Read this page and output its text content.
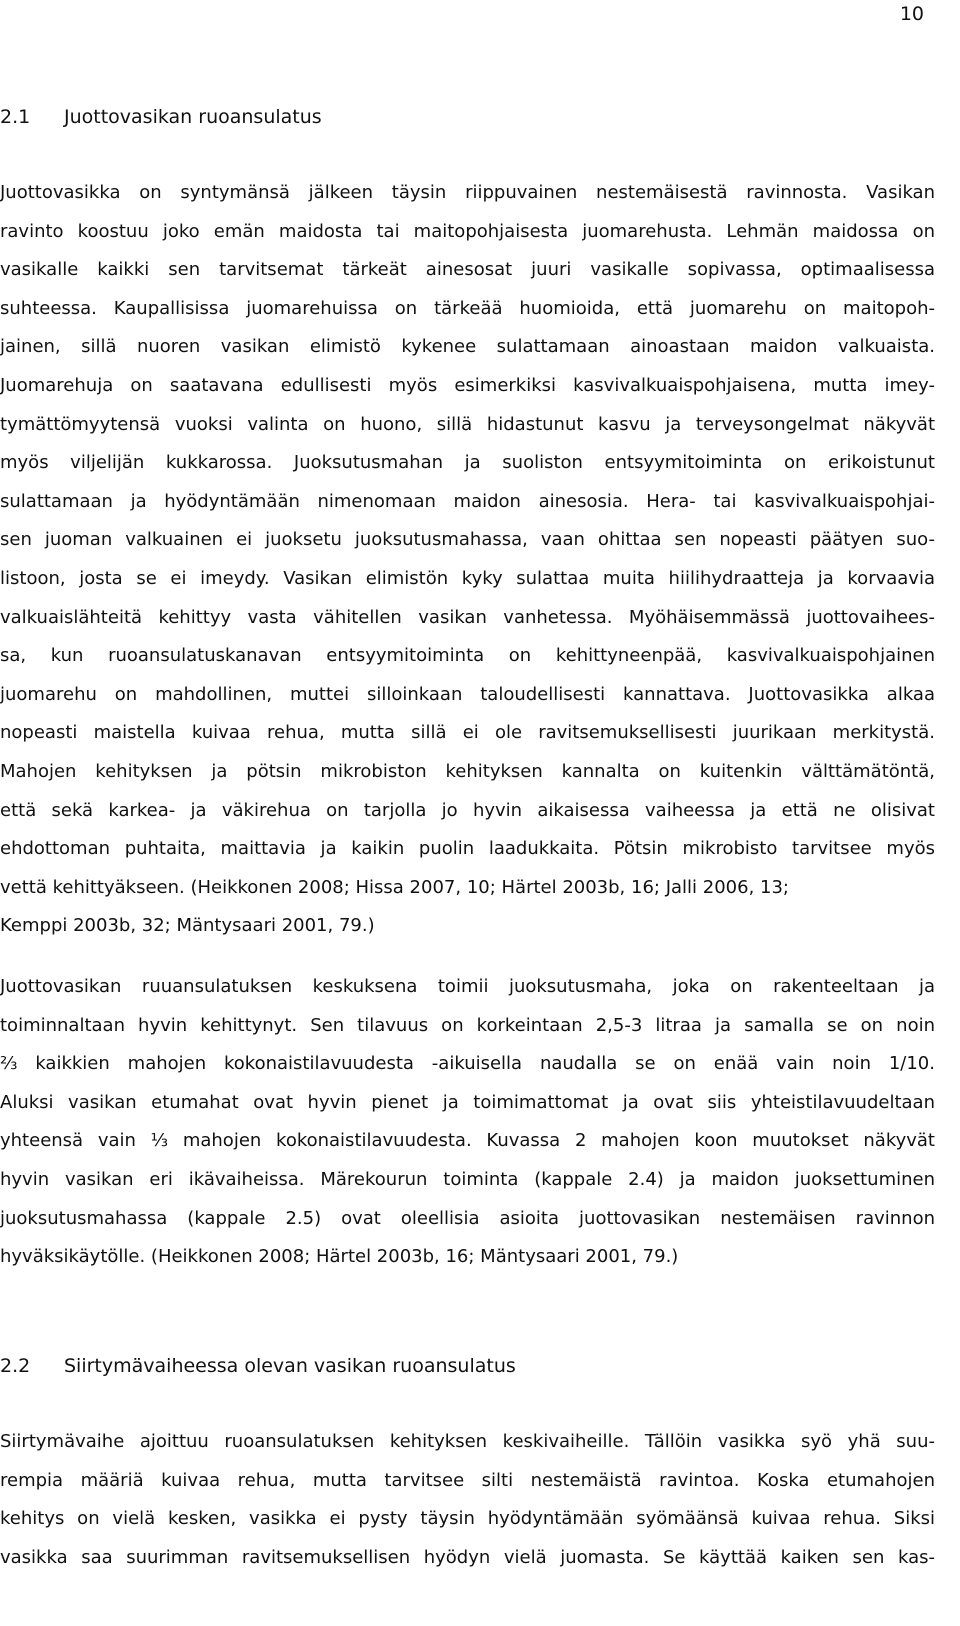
10
2.1 Juottovasikan ruoansulatus
Juottovasikka on syntymänsä jälkeen täysin riippuvainen nestemäisestä ravinnosta. Vasikan
ravinto koostuu joko emän maidosta tai maitopohjaisesta juomarehusta. Lehmän maidossa on
vasikalle kaikki sen tarvitsemat tärkeät ainesosat juuri vasikalle sopivassa, optimaalisessa
suhteessa. Kaupallisissa juomarehuissa on tärkeää huomioida, että juomarehu on maitopoh-
jainen, sillä nuoren vasikan elimistö kykenee sulattamaan ainoastaan maidon valkuaista.
Juomarehuja on saatavana edullisesti myös esimerkiksi kasvivalkuaispohjaisena, mutta imey-
tymättömyytensä vuoksi valinta on huono, sillä hidastunut kasvu ja terveysongelmat näkyvät
myös viljelijän kukkarossa. Juoksutusmahan ja suoliston entsyymitoiminta on erikoistunut
sulattamaan ja hyödyntämään nimenomaan maidon ainesosia. Hera- tai kasvivalkuaispohjai-
sen juoman valkuainen ei juoksetu juoksutusmahassa, vaan ohittaa sen nopeasti päätyen suo-
listoon, josta se ei imeydy. Vasikan elimistön kyky sulattaa muita hiilihydraatteja ja korvaavia
valkuaislähteitä kehittyy vasta vähitellen vasikan vanhetessa. Myöhäisemmässä juottovaihees-
sa, kun ruoansulatuskanavan entsyymitoiminta on kehittyneenpää, kasvivalkuaispohjainen
juomarehu on mahdollinen, muttei silloinkaan taloudellisesti kannattava. Juottovasikka alkaa
nopeasti maistella kuivaa rehua, mutta sillä ei ole ravitsemuksellisesti juurikaan merkitystä.
Mahojen kehityksen ja pötsin mikrobiston kehityksen kannalta on kuitenkin välttämätöntä,
että sekä karkea- ja väkirehua on tarjolla jo hyvin aikaisessa vaiheessa ja että ne olisivat
ehdottoman puhtaita, maittavia ja kaikin puolin laadukkaita. Pötsin mikrobisto tarvitsee myös
vettä kehittyäkseen. (Heikkonen 2008; Hissa 2007, 10; Härtel 2003b, 16; Jalli 2006, 13;
Kemppi 2003b, 32; Mäntysaari 2001, 79.)
Juottovasikan ruuansulatuksen keskuksena toimii juoksutusmaha, joka on rakenteeltaan ja
toiminnaltaan hyvin kehittynyt. Sen tilavuus on korkeintaan 2,5-3 litraa ja samalla se on noin
⅔ kaikkien mahojen kokonaistilavuudesta -aikuisella naudalla se on enää vain noin 1/10.
Aluksi vasikan etumahat ovat hyvin pienet ja toimimattomat ja ovat siis yhteistilavuudeltaan
yhteensä vain ⅓ mahojen kokonaistilavuudesta. Kuvassa 2 mahojen koon muutokset näkyvät
hyvin vasikan eri ikävaiheissa. Märekourun toiminta (kappale 2.4) ja maidon juoksettuminen
juoksutusmahassa (kappale 2.5) ovat oleellisia asioita juottovasikan nestemäisen ravinnon
hyväksikäytölle. (Heikkonen 2008; Härtel 2003b, 16; Mäntysaari 2001, 79.)
2.2 Siirtymävaiheessa olevan vasikan ruoansulatus
Siirtymävaihe ajoittuu ruoansulatuksen kehityksen keskivaiheille. Tällöin vasikka syö yhä suu-
rempia määriä kuivaa rehua, mutta tarvitsee silti nestemäistä ravintoa. Koska etumahojen
kehitys on vielä kesken, vasikka ei pysty täysin hyödyntämään syömäänsä kuivaa rehua. Siksi
vasikka saa suurimman ravitsemuksellisen hyödyn vielä juomasta. Se käyttää kaiken sen kas-
